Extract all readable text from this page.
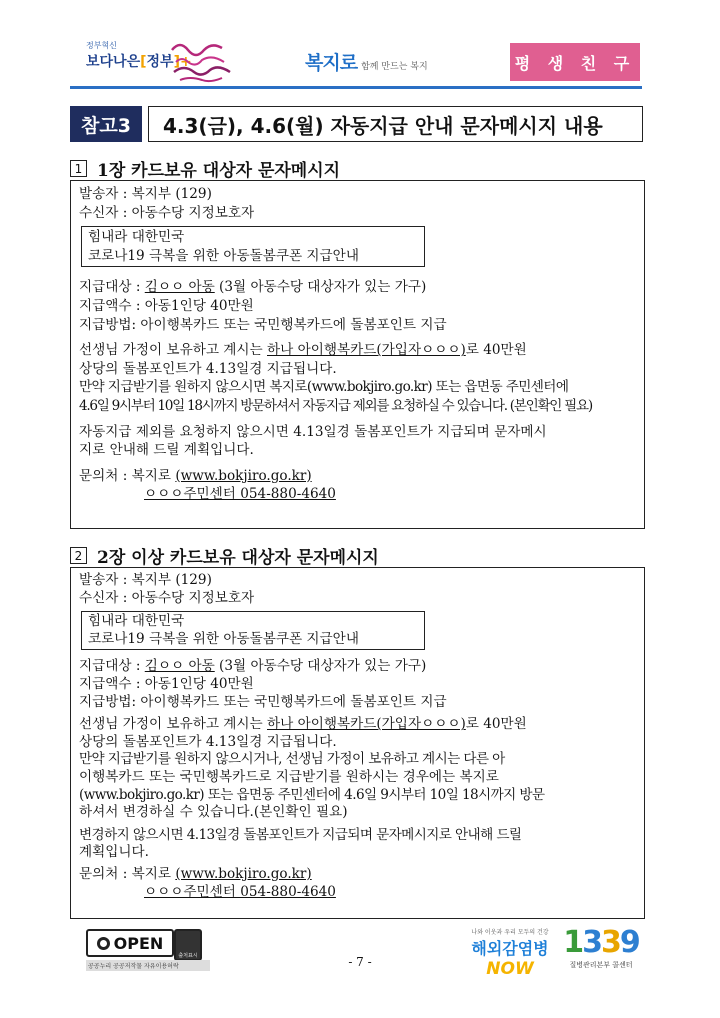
정부혁신
보다나은[정부]+	복지로 함께 만드는 복지	평 생 친 구
참고3	4.3(금), 4.6(월) 자동지급 안내 문자메시지 내용
1 1장 카드보유 대상자 문자메시지

발송자 : 복지부 (129)

수신자 : 아동수당 지정보호자

힘내라 대한민국

코로나19 극복을 위한 아동돌봄쿠폰 지급안내

지급대상 : 김ㅇㅇ 아동 (3월 아동수당 대상자가 있는 가구)

지급액수 : 아동1인당 40만원

지급방법: 아이행복카드 또는 국민행복카드에 돌봄포인트 지급

선생님 가정이 보유하고 계시는 하나 아이행복카드(가입자ㅇㅇㅇ)로 40만원

상당의 돌봄포인트가 4.13일경 지급됩니다.

만약 지급받기를 원하지 않으시면 복지로(www.bokjiro.go.kr) 또는 읍면동 주민센터에

4.6일 9시부터 10일 18시까지 방문하셔서 자동지급 제외를 요청하실 수 있습니다. (본인확인 필요)

자동지급 제외를 요청하지 않으시면 4.13일경 돌봄포인트가 지급되며 문자메시

지로 안내해 드릴 계획입니다.

문의처 : 복지로 (www.bokjiro.go.kr)

ㅇㅇㅇ주민센터 054-880-4640

2 2장 이상 카드보유 대상자 문자메시지

발송자 : 복지부 (129)

수신자 : 아동수당 지정보호자

힘내라 대한민국

코로나19 극복을 위한 아동돌봄쿠폰 지급안내

지급대상 : 김ㅇㅇ 아동 (3월 아동수당 대상자가 있는 가구)

지급액수 : 아동1인당 40만원

지급방법: 아이행복카드 또는 국민행복카드에 돌봄포인트 지급

선생님 가정이 보유하고 계시는 하나 아이행복카드(가입자ㅇㅇㅇ)로 40만원

상당의 돌봄포인트가 4.13일경 지급됩니다.

만약 지급받기를 원하지 않으시거나, 선생님 가정이 보유하고 계시는 다른 아

이행복카드 또는 국민행복카드로 지급받기를 원하시는 경우에는 복지로

(www.bokjiro.go.kr) 또는 읍면동 주민센터에 4.6일 9시부터 10일 18시까지 방문

하셔서 변경하실 수 있습니다.(본인확인 필요)

변경하지 않으시면 4.13일경 돌봄포인트가 지급되며 문자메시지로 안내해 드릴

계획입니다.

문의처 : 복지로 (www.bokjiro.go.kr)

ㅇㅇㅇ주민센터 054-880-4640

OPEN
출처표시
공공누리 공공저작물 자유이용허락	- 7 -
나와 이웃과 우리 모두의 건강
해외감염병
NOW
1339
질병관리본부 콜센터
